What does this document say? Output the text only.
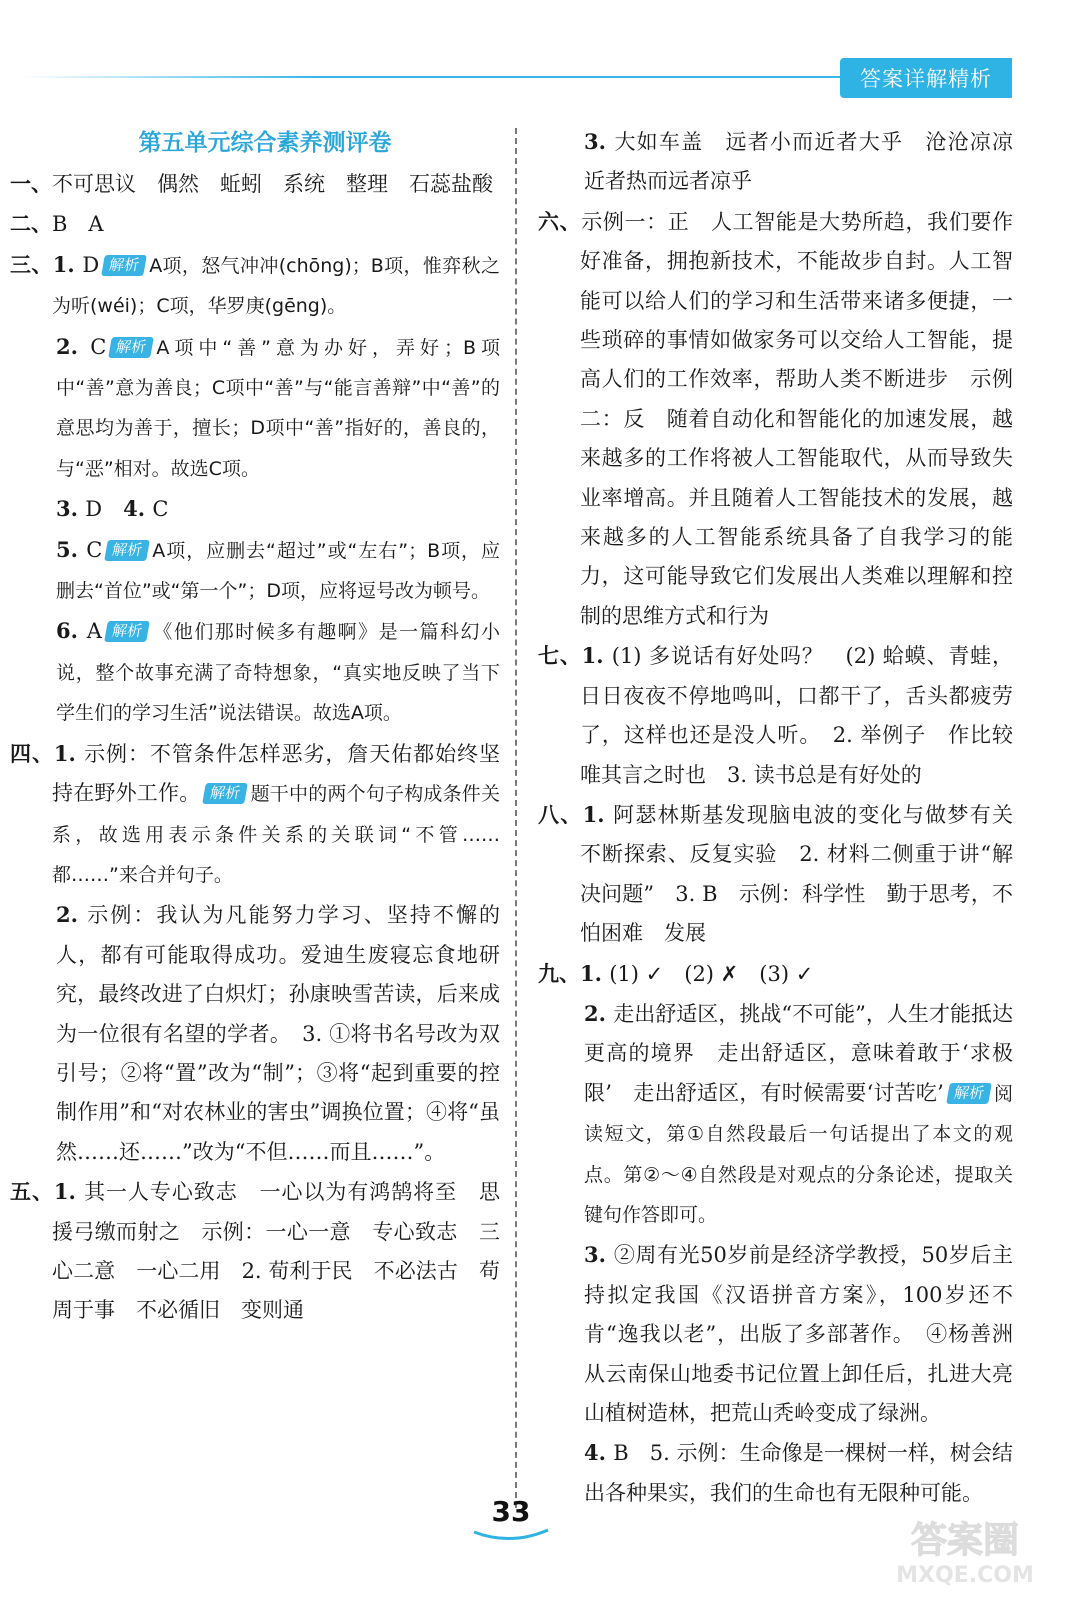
答案详解精析
第五单元综合素养测评卷
一、不可思议　偶然　蚯蚓　系统　整理　石蕊盐酸
二、B　A
三、1. D 解析 A项，怒气冲冲(chōng)；B项，惟弈秋之为听(wéi)；C项，华罗庚(gēng)。
2. C 解析 A项中“善”意为办好，弄好；B项中“善”意为善良；C项中“善”与“能言善辩”中“善”的意思均为善于，擅长；D项中“善”指好的，善良的，与“恶”相对。故选C项。
3. D　4. C
5. C 解析 A项，应删去“超过”或“左右”；B项，应删去“首位”或“第一个”；D项，应将逗号改为顿号。
6. A 解析 《他们那时候多有趣啊》是一篇科幻小说，整个故事充满了奇特想象，“真实地反映了当下学生们的学习生活”说法错误。故选A项。
四、1. 示例：不管条件怎样恶劣，詹天佑都始终坚持在野外工作。 解析 题干中的两个句子构成条件关系，故选用表示条件关系的关联词“不管……都……”来合并句子。
2. 示例：我认为凡能努力学习、坚持不懈的人，都有可能取得成功。爱迪生废寝忘食地研究，最终改进了白炽灯；孙康映雪苦读，后来成为一位很有名望的学者。　3. ①将书名号改为双引号；②将“置”改为“制”；③将“起到重要的控制作用”和“对农林业的害虫”调换位置；④将“虽然……还……”改为“不但……而且……”。
五、1. 其一人专心致志　一心以为有鸿鹄将至　思援弓缴而射之　示例：一心一意　专心致志　三心二意　一心二用　2. 荀利于民　不必法古　苟周于事　不必循旧　变则通
3. 大如车盖　远者小而近者大乎　沧沧凉凉　近者热而远者凉乎
六、示例一：正　人工智能是大势所趋，我们要作好准备，拥抱新技术，不能故步自封。人工智能可以给人们的学习和生活带来诸多便捷，一些琐碎的事情如做家务可以交给人工智能，提高人们的工作效率，帮助人类不断进步　示例二：反　随着自动化和智能化的加速发展，越来越多的工作将被人工智能取代，从而导致失业率增高。并且随着人工智能技术的发展，越来越多的人工智能系统具备了自我学习的能力，这可能导致它们发展出人类难以理解和控制的思维方式和行为
七、1. (1) 多说话有好处吗？　(2) 蛤蟆、青蛙，日日夜夜不停地鸣叫，口都干了，舌头都疲劳了，这样也还是没人听。　2. 举例子　作比较　唯其言之时也　3. 读书总是有好处的
八、1. 阿瑟林斯基发现脑电波的变化与做梦有关　不断探索、反复实验　2. 材料二侧重于讲“解决问题”　3. B　示例：科学性　勤于思考，不怕困难　发展
九、1. (1) ✓　(2) ✗　(3) ✓
2. 走出舒适区，挑战“不可能”，人生才能抵达更高的境界　走出舒适区，意味着敢于‘求极限’　走出舒适区，有时候需要‘讨苦吃’ 解析 阅读短文，第①自然段最后一句话提出了本文的观点。第②～④自然段是对观点的分条论述，提取关键句作答即可。
3. ②周有光50岁前是经济学教授，50岁后主持拟定我国《汉语拼音方案》，100岁还不肯“逸我以老”，出版了多部著作。　④杨善洲从云南保山地委书记位置上卸任后，扎进大亮山植树造林，把荒山秃岭变成了绿洲。
4. B　5. 示例：生命像是一棵树一样，树会结出各种果实，我们的生命也有无限种可能。
33
答案圈
MXQE.COM
